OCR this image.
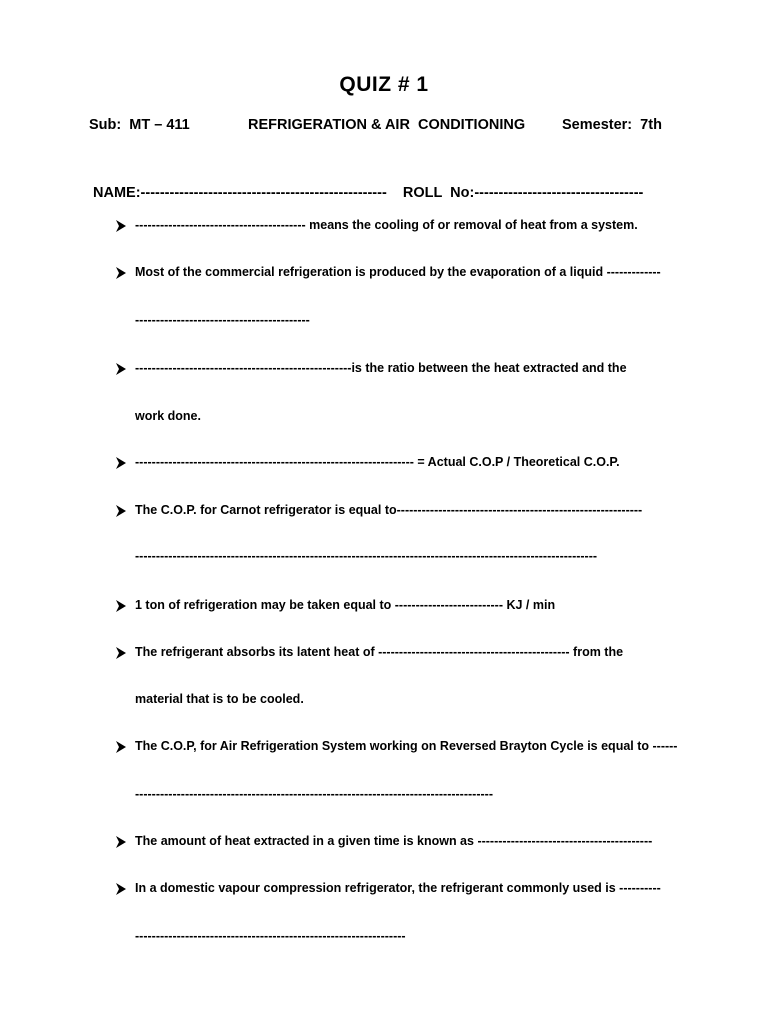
QUIZ # 1
Sub:  MT – 411	REFRIGERATION & AIR  CONDITIONING	Semester:  7th
NAME:--------------------------------------------------- ROLL  No:-----------------------------------
----------------------------------------- means the cooling of or removal of heat from a system.
Most of the commercial refrigeration is produced by the evaporation of a liquid -------------
------------------------------------------
----------------------------------------------------is the ratio between the heat extracted and the
work done.
------------------------------------------------------------------- = Actual C.O.P / Theoretical C.O.P.
The C.O.P. for Carnot refrigerator is equal to-----------------------------------------------------------
---------------------------------------------------------------------------------------------------------------
1 ton of refrigeration may be taken equal to -------------------------- KJ / min
The refrigerant absorbs its latent heat of ---------------------------------------------- from the
material that is to be cooled.
The C.O.P, for Air Refrigeration System working on Reversed Brayton Cycle is equal to ------
--------------------------------------------------------------------------------------
The amount of heat extracted in a given time is known as ------------------------------------------
In a domestic vapour compression refrigerator, the refrigerant commonly used is ----------
-----------------------------------------------------------------
